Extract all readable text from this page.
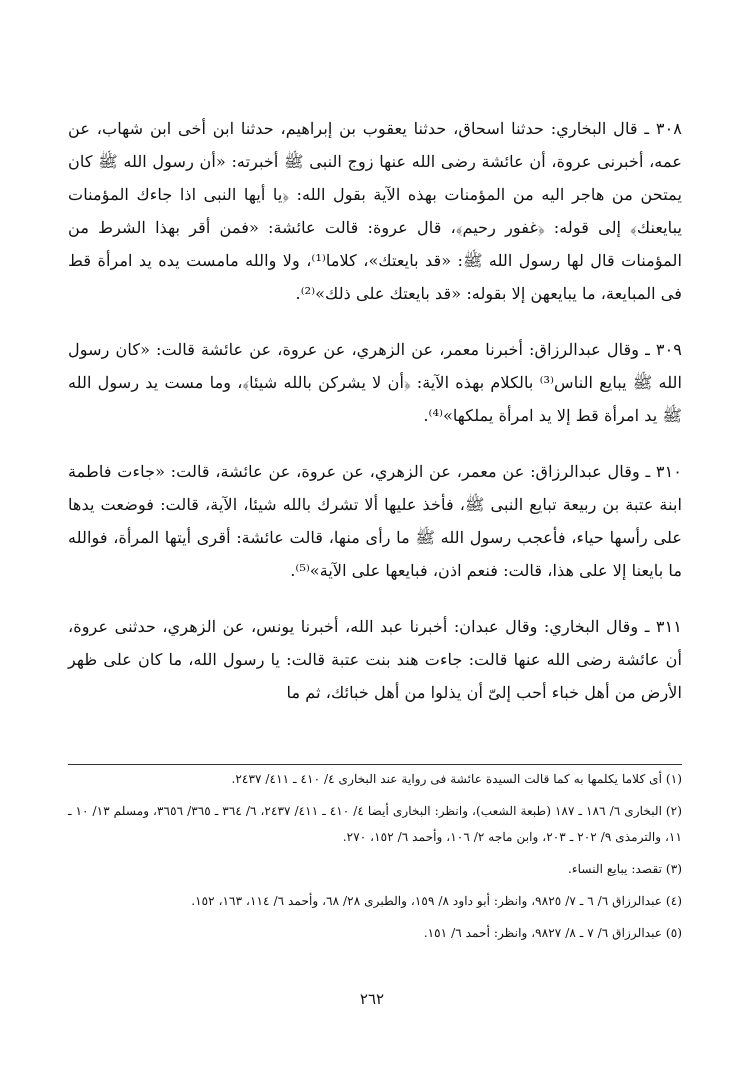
٣٠٨ ـ قال البخاري: حدثنا اسحاق، حدثنا يعقوب بن إبراهيم، حدثنا ابن أخى ابن شهاب، عن عمه، أخبرنى عروة، أن عائشة رضى الله عنها زوج النبى ﷺ أخبرته: «أن رسول الله ﷺ كان يمتحن من هاجر اليه من المؤمنات بهذه الآية بقول الله: ﴿يا أيها النبى اذا جاءك المؤمنات يبايعنك﴾ إلى قوله: ﴿غفور رحيم﴾، قال عروة: قالت عائشة: «فمن أقر بهذا الشرط من المؤمنات قال لها رسول الله ﷺ: «قد بايعتك»، كلاما⁽¹⁾، ولا والله مامست يده يد امرأة قط فى المبايعة، ما يبايعهن إلا بقوله: «قد بايعتك على ذلك»⁽²⁾.

٣٠٩ ـ وقال عبدالرزاق: أخبرنا معمر، عن الزهري، عن عروة، عن عائشة قالت: «كان رسول الله ﷺ يبايع الناس⁽³⁾ بالكلام بهذه الآية: ﴿أن لا يشركن بالله شيئا﴾، وما مست يد رسول الله ﷺ يد امرأة قط إلا يد امرأة يملكها»⁽⁴⁾.

٣١٠ ـ وقال عبدالرزاق: عن معمر، عن الزهري، عن عروة، عن عائشة، قالت: «جاءت فاطمة ابنة عتبة بن ربيعة تبايع النبى ﷺ، فأخذ عليها ألا تشرك بالله شيئا، الآية، قالت: فوضعت يدها على رأسها حياء، فأعجب رسول الله ﷺ ما رأى منها، قالت عائشة: أقرى أيتها المرأة، فوالله ما بايعنا إلا على هذا، قالت: فنعم اذن، فبايعها على الآية»⁽⁵⁾.

٣١١ ـ وقال البخاري: وقال عبدان: أخبرنا عبد الله، أخبرنا يونس، عن الزهري، حدثنى عروة، أن عائشة رضى الله عنها قالت: جاءت هند بنت عتبة قالت: يا رسول الله، ما كان على ظهر الأرض من أهل خباء أحب إلىّ أن يذلوا من أهل خبائك، ثم ما

(١) أى كلاما يكلمها به كما قالت السيدة عائشة فى رواية عند البخارى ٤/ ٤١٠ ـ ٤١١/ ٢٤٣٧.

(٢) البخارى ٦/ ١٨٦ ـ ١٨٧ (طبعة الشعب)، وانظر: البخارى أيضا ٤/ ٤١٠ ـ ٤١١/ ٢٤٣٧، ٦/ ٣٦٤ ـ ٣٦٥/ ٣٦٥٦، ومسلم ١٣/ ١٠ ـ ١١، والترمذى ٩/ ٢٠٢ ـ ٢٠٣، وابن ماجه ٢/ ١٠٦، وأحمد ٦/ ١٥٢، ٢٧٠.

(٣) تقصد: يبايع النساء.

(٤) عبدالرزاق ٦/ ٦ ـ ٧/ ٩٨٢٥، وانظر: أبو داود ٨/ ١٥٩، والطبرى ٢٨/ ٦٨، وأحمد ٦/ ١١٤، ١٦٣، ١٥٢.

(٥) عبدالرزاق ٦/ ٧ ـ ٨/ ٩٨٢٧، وانظر: أحمد ٦/ ١٥١.

٢٦٢
